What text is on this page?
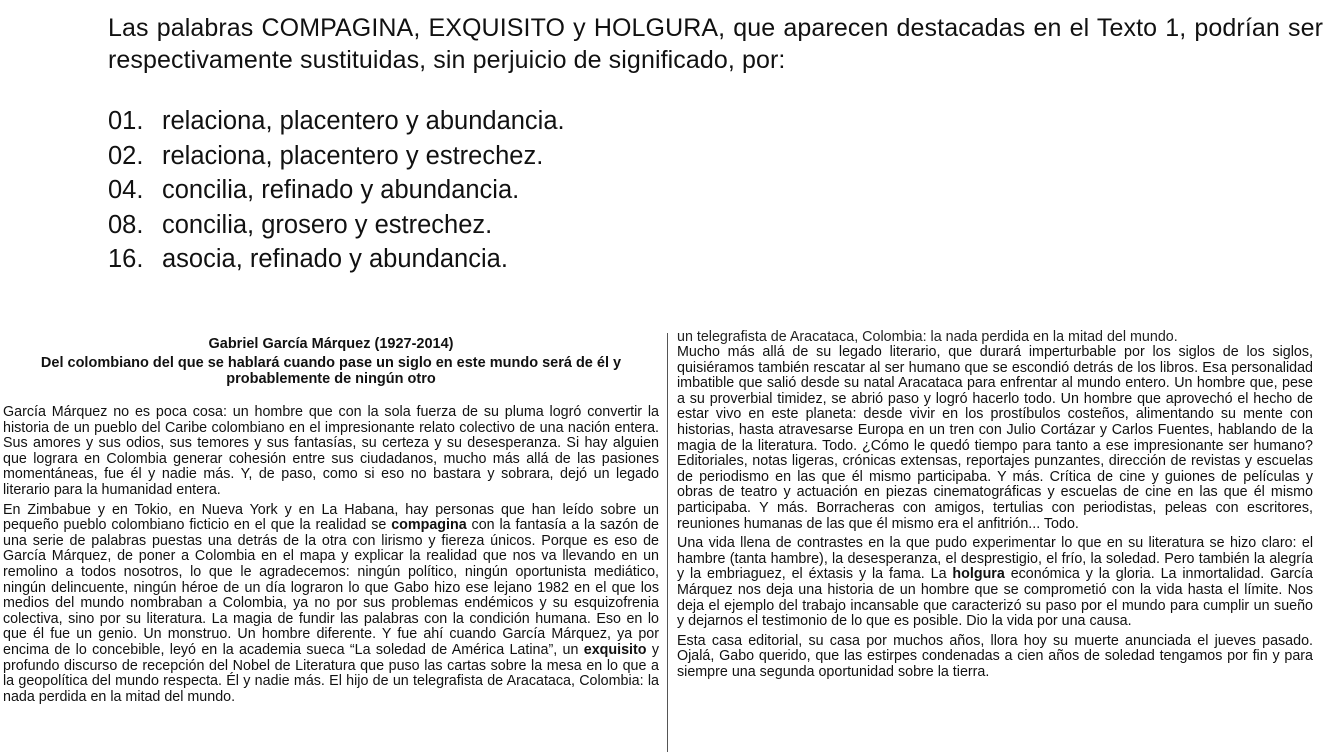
Las palabras COMPAGINA, EXQUISITO y HOLGURA, que aparecen destacadas en el Texto 1, podrían ser respectivamente sustituidas, sin perjuicio de significado, por:
01. relaciona, placentero y abundancia.
02. relaciona, placentero y estrechez.
04. concilia, refinado y abundancia.
08. concilia, grosero y estrechez.
16. asocia, refinado y abundancia.
Gabriel García Márquez (1927-2014)
Del colombiano del que se hablará cuando pase un siglo en este mundo será de él y probablemente de ningún otro

García Márquez no es poca cosa: un hombre que con la sola fuerza de su pluma logró convertir la historia de un pueblo del Caribe colombiano en el impresionante relato colectivo de una nación entera. Sus amores y sus odios, sus temores y sus fantasías, su certeza y su desesperanza. Si hay alguien que lograra en Colombia generar cohesión entre sus ciudadanos, mucho más allá de las pasiones momentáneas, fue él y nadie más. Y, de paso, como si eso no bastara y sobrara, dejó un legado literario para la humanidad entera.

En Zimbabue y en Tokio, en Nueva York y en La Habana, hay personas que han leído sobre un pequeño pueblo colombiano ficticio en el que la realidad se compagina con la fantasía a la sazón de una serie de palabras puestas una detrás de la otra con lirismo y fiereza únicos. Porque es eso de García Márquez, de poner a Colombia en el mapa y explicar la realidad que nos va llevando en un remolino a todos nosotros, lo que le agradecemos: ningún político, ningún oportunista mediático, ningún delincuente, ningún héroe de un día lograron lo que Gabo hizo ese lejano 1982 en el que los medios del mundo nombraban a Colombia, ya no por sus problemas endémicos y su esquizofrenia colectiva, sino por su literatura. La magia de fundir las palabras con la condición humana. Eso en lo que él fue un genio. Un monstruo. Un hombre diferente. Y fue ahí cuando García Márquez, ya por encima de lo concebible, leyó en la academia sueca “La soledad de América Latina”, un exquisito y profundo discurso de recepción del Nobel de Literatura que puso las cartas sobre la mesa en lo que a la geopolítica del mundo respecta. Él y nadie más. El hijo de un telegrafista de Aracataca, Colombia: la nada perdida en la mitad del mundo.

un telegrafista de Aracataca, Colombia: la nada perdida en la mitad del mundo.

Mucho más allá de su legado literario, que durará imperturbable por los siglos de los siglos, quisiéramos también rescatar al ser humano que se escondió detrás de los libros. Esa personalidad imbatible que salió desde su natal Aracataca para enfrentar al mundo entero. Un hombre que, pese a su proverbial timidez, se abrió paso y logró hacerlo todo. Un hombre que aprovechó el hecho de estar vivo en este planeta: desde vivir en los prostíbulos costeños, alimentando su mente con historias, hasta atravesarse Europa en un tren con Julio Cortázar y Carlos Fuentes, hablando de la magia de la literatura. Todo. ¿Cómo le quedó tiempo para tanto a ese impresionante ser humano? Editoriales, notas ligeras, crónicas extensas, reportajes punzantes, dirección de revistas y escuelas de periodismo en las que él mismo participaba. Y más. Crítica de cine y guiones de películas y obras de teatro y actuación en piezas cinematográficas y escuelas de cine en las que él mismo participaba. Y más. Borracheras con amigos, tertulias con periodistas, peleas con escritores, reuniones humanas de las que él mismo era el anfitrión... Todo.

Una vida llena de contrastes en la que pudo experimentar lo que en su literatura se hizo claro: el hambre (tanta hambre), la desesperanza, el desprestigio, el frío, la soledad. Pero también la alegría y la embriaguez, el éxtasis y la fama. La holgura económica y la gloria. La inmortalidad. García Márquez nos deja una historia de un hombre que se comprometió con la vida hasta el límite. Nos deja el ejemplo del trabajo incansable que caracterizó su paso por el mundo para cumplir un sueño y dejarnos el testimonio de lo que es posible. Dio la vida por una causa.

Esta casa editorial, su casa por muchos años, llora hoy su muerte anunciada el jueves pasado. Ojalá, Gabo querido, que las estirpes condenadas a cien años de soledad tengamos por fin y para siempre una segunda oportunidad sobre la tierra.
